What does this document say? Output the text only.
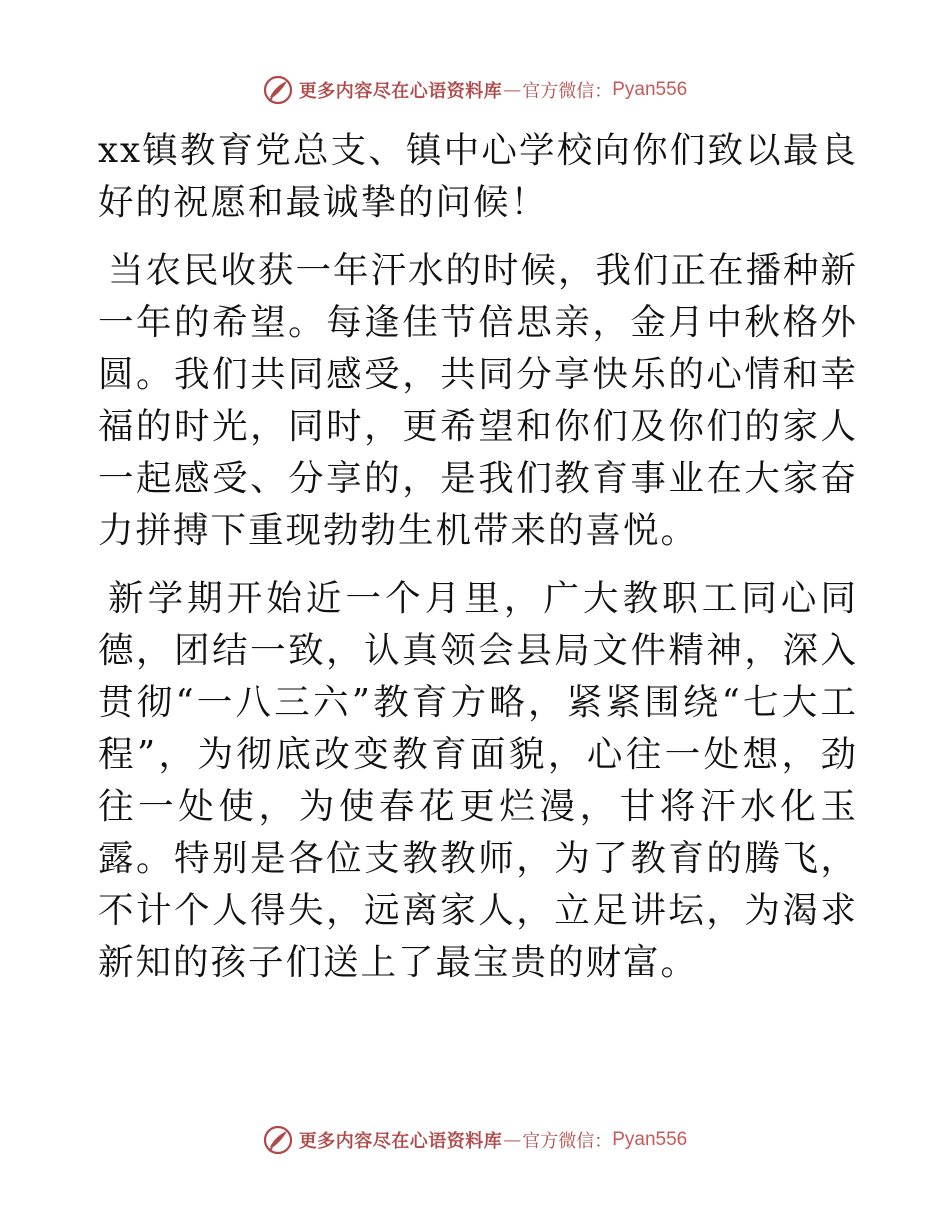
更多内容尽在心语资料库 — 官方微信： Pyan556

xx镇教育党总支、镇中心学校向你们致以最良好的祝愿和最诚挚的问候！

当农民收获一年汗水的时候，我们正在播种新一年的希望。每逢佳节倍思亲，金月中秋格外圆。我们共同感受，共同分享快乐的心情和幸福的时光，同时，更希望和你们及你们的家人一起感受、分享的，是我们教育事业在大家奋力拼搏下重现勃勃生机带来的喜悦。

新学期开始近一个月里，广大教职工同心同德，团结一致，认真领会县局文件精神，深入贯彻“一八三六”教育方略，紧紧围绕“七大工程”，为彻底改变教育面貌，心往一处想，劲往一处使，为使春花更烂漫，甘将汗水化玉露。特别是各位支教教师，为了教育的腾飞，不计个人得失，远离家人，立足讲坛，为渴求新知的孩子们送上了最宝贵的财富。

更多内容尽在心语资料库 — 官方微信： Pyan556
